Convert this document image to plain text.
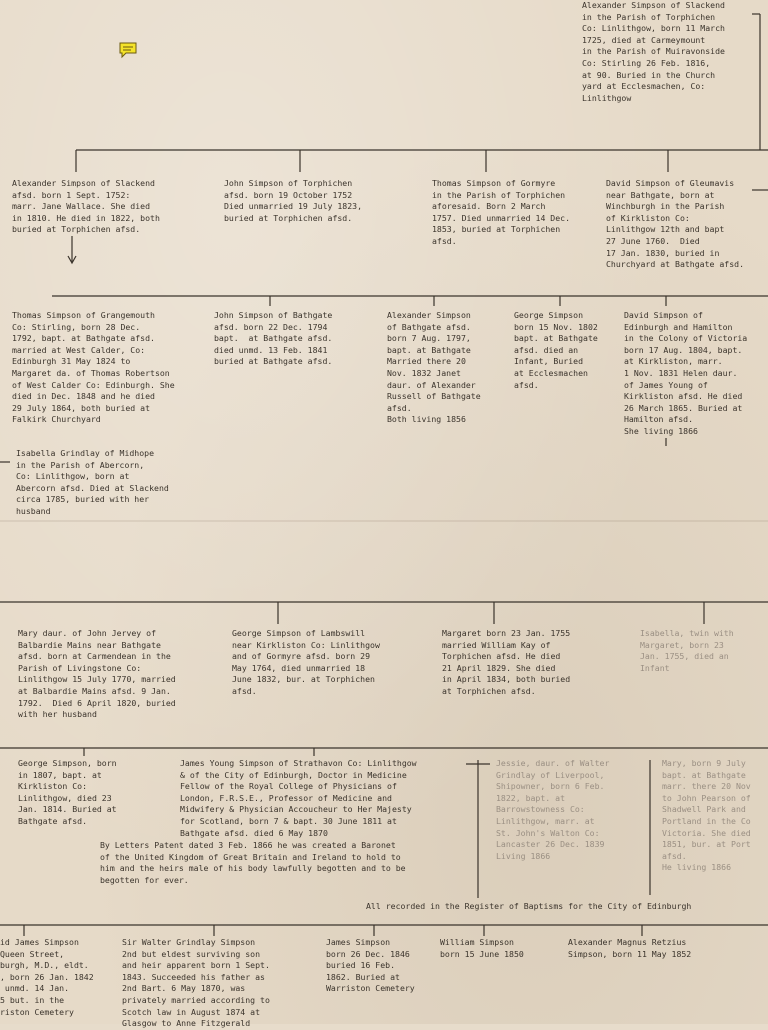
Alexander Simpson of Slackend
in the Parish of Torphichen
Co: Linlithgow, born 11 March
1725, died at Carmeymount
in the Parish of Muiravonside
Co: Stirling 26 Feb. 1816,
at 90. Buried in the Church
yard at Ecclesmachen, Co:
Linlithgow
Alexander Simpson of Slackend
afsd. born 1 Sept. 1752:
marr. Jane Wallace. She died
in 1810. He died in 1822, both
buried at Torphichen afsd.
John Simpson of Torphichen
afsd. born 19 October 1752
Died unmarried 19 July 1823,
buried at Torphichen afsd.
Thomas Simpson of Gormyre
in the Parish of Torphichen
aforesaid. Born 2 March
1757. Died unmarried 14 Dec.
1853, buried at Torphichen
afsd.
David Simpson of Gleumavis
near Bathgate, born at
Winchburgh in the Parish
of Kirkliston Co:
Linlithgow 12th and bapt
27 June 1760.  Died
17 Jan. 1830, buried in
Churchyard at Bathgate afsd.
Thomas Simpson of Grangemouth
Co: Stirling, born 28 Dec.
1792, bapt. at Bathgate afsd.
married at West Calder, Co:
Edinburgh 31 May 1824 to
Margaret da. of Thomas Robertson
of West Calder Co: Edinburgh. She
died in Dec. 1848 and he died
29 July 1864, both buried at
Falkirk Churchyard
John Simpson of Bathgate
afsd. born 22 Dec. 1794
bapt.  at Bathgate afsd.
died unmd. 13 Feb. 1841
buried at Bathgate afsd.
Alexander Simpson
of Bathgate afsd.
born 7 Aug. 1797,
bapt. at Bathgate
Married there 20
Nov. 1832 Janet
daur. of Alexander
Russell of Bathgate
afsd.
Both living 1856
George Simpson
born 15 Nov. 1802
bapt. at Bathgate
afsd. died an
Infant, Buried
at Ecclesmachen
afsd.
David Simpson of
Edinburgh and Hamilton
in the Colony of Victoria
born 17 Aug. 1804, bapt.
at Kirkliston, marr.
1 Nov. 1831 Helen daur.
of James Young of
Kirkliston afsd. He died
26 March 1865. Buried at
Hamilton afsd.
She living 1866
Isabella Grindlay of Midhope
in the Parish of Abercorn,
Co: Linlithgow, born at
Abercorn afsd. Died at Slackend
circa 1785, buried with her
husband
Mary daur. of John Jervey of
Balbardie Mains near Bathgate
afsd. born at Carmendean in the
Parish of Livingstone Co:
Linlithgow 15 July 1770, married
at Balbardie Mains afsd. 9 Jan.
1792.  Died 6 April 1820, buried
with her husband
George Simpson of Lambswill
near Kirkliston Co: Linlithgow
and of Gormyre afsd. born 29
May 1764, died unmarried 18
June 1832, bur. at Torphichen
afsd.
Margaret born 23 Jan. 1755
married William Kay of
Torphichen afsd. He died
21 April 1829. She died
in April 1834, both buried
at Torphichen afsd.
Isabella, twin with
Margaret, born 23
Jan. 1755, died an
Infant
George Simpson, born
in 1807, bapt. at
Kirkliston Co:
Linlithgow, died 23
Jan. 1814. Buried at
Bathgate afsd.
James Young Simpson of Strathavon Co: Linlithgow
& of the City of Edinburgh, Doctor in Medicine
Fellow of the Royal College of Physicians of
London, F.R.S.E., Professor of Medicine and
Midwifery & Physician Accoucheur to Her Majesty
for Scotland, born 7 & bapt. 30 June 1811 at
Bathgate afsd. died 6 May 1870
Jessie, daur. of Walter
Grindlay of Liverpool,
Shipowner, born 6 Feb.
1822, bapt. at
Barrowstowness Co:
Linlithgow, marr. at
St. John's Walton Co:
Lancaster 26 Dec. 1839
Living 1866
Mary, born 9 July
bapt. at Bathgate
marr. there 20 Nov
to John Pearson of
Shadwell Park and
Portland in the Co
Victoria. She died
1851, bur. at Port
afsd.
He living 1866
By Letters Patent dated 3 Feb. 1866 he was created a Baronet
of the United Kingdom of Great Britain and Ireland to hold to
him and the heirs male of his body lawfully begotten and to be
begotten for ever.
All recorded in the Register of Baptisms for the City of Edinburgh
id James Simpson
Queen Street,
burgh, M.D., eldt.
, born 26 Jan. 1842
unmd. 14 Jan.
5 but. in the
riston Cemetery
Sir Walter Grindlay Simpson
2nd but eldest surviving son
and heir apparent born 1 Sept.
1843. Succeeded his father as
2nd Bart. 6 May 1870, was
privately married according to
Scotch law in August 1874 at
Glasgow to Anne Fitzgerald
James Simpson
born 26 Dec. 1846
buried 16 Feb.
1862. Buried at
Warriston Cemetery
William Simpson
born 15 June 1850
Alexander Magnus Retzius
Simpson, born 11 May 1852
